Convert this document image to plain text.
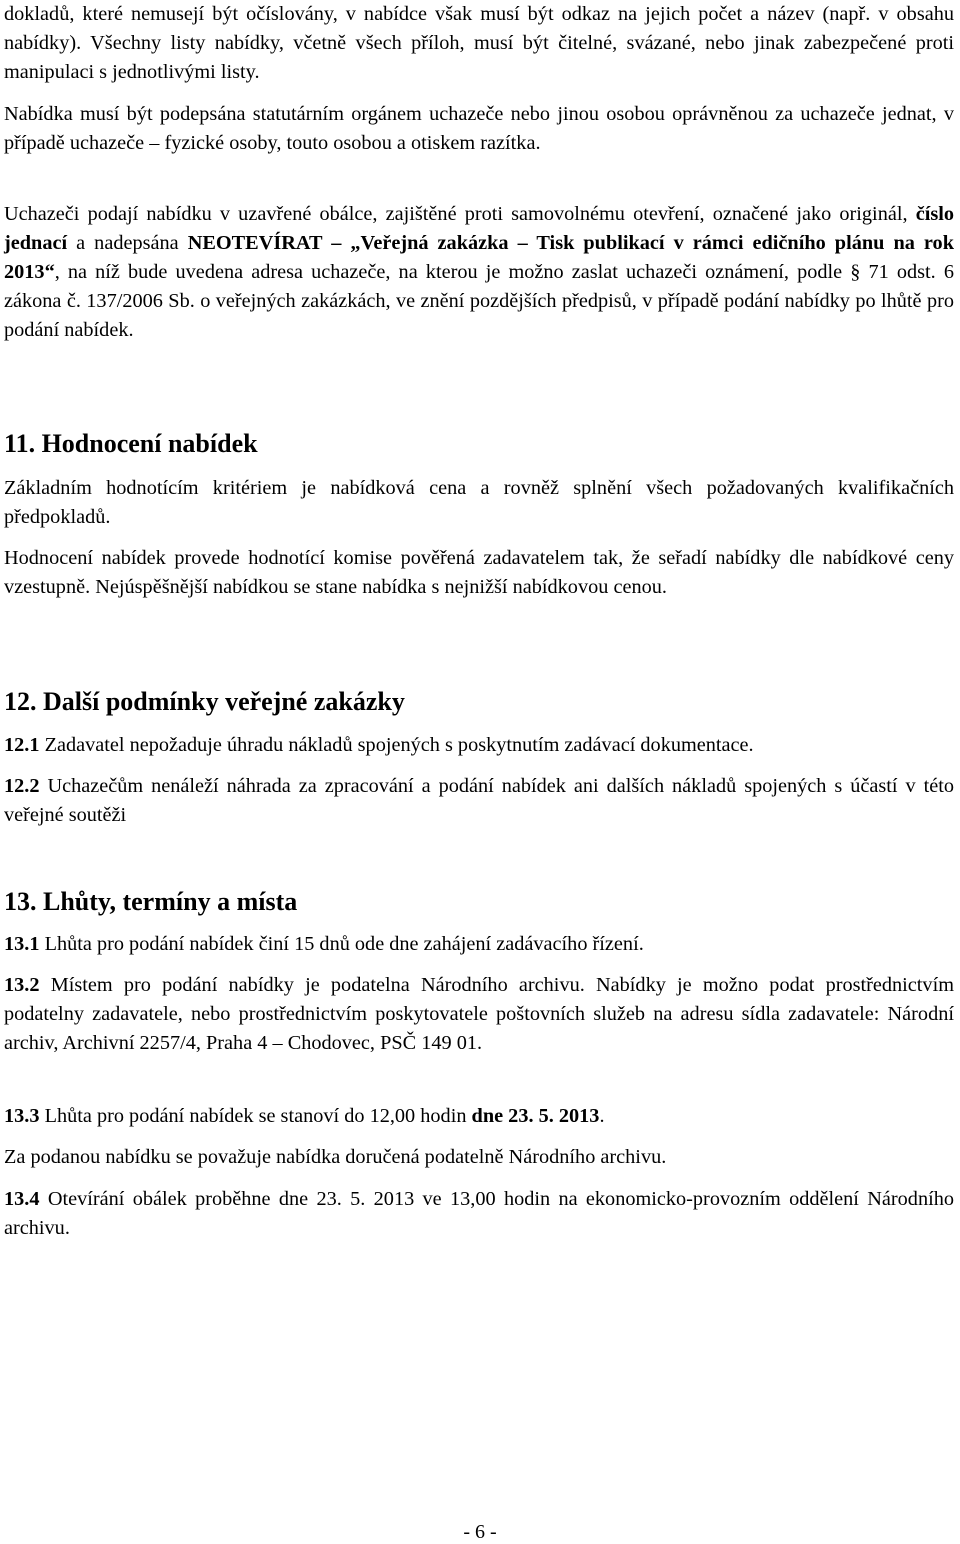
dokladů, které nemusejí být očíslovány, v nabídce však musí být odkaz na jejich počet a název (např. v obsahu nabídky). Všechny listy nabídky, včetně všech příloh, musí být čitelné, svázané, nebo jinak zabezpečené proti manipulaci s jednotlivými listy.

Nabídka musí být podepsána statutárním orgánem uchazeče nebo jinou osobou oprávněnou za uchazeče jednat, v případě uchazeče – fyzické osoby, touto osobou a otiskem razítka.

Uchazeči podají nabídku v uzavřené obálce, zajištěné proti samovolnému otevření, označené jako originál, číslo jednací a nadepsána NEOTEVÍRAT – „Veřejná zakázka – Tisk publikací v rámci edičního plánu na rok 2013“, na níž bude uvedena adresa uchazeče, na kterou je možno zaslat uchazeči oznámení, podle § 71 odst. 6 zákona č. 137/2006 Sb. o veřejných zakázkách, ve znění pozdějších předpisů, v případě podání nabídky po lhůtě pro podání nabídek.

11. Hodnocení nabídek

Základním hodnotícím kritériem je nabídková cena a rovněž splnění všech požadovaných kvalifikačních předpokladů.

Hodnocení nabídek provede hodnotící komise pověřená zadavatelem tak, že seřadí nabídky dle nabídkové ceny vzestupně. Nejúspěšnější nabídkou se stane nabídka s nejnižší nabídkovou cenou.

12. Další podmínky veřejné zakázky

12.1 Zadavatel nepožaduje úhradu nákladů spojených s poskytnutím zadávací dokumentace.

12.2 Uchazečům nenáleží náhrada za zpracování a podání nabídek ani dalších nákladů spojených s účastí v této veřejné soutěži

13. Lhůty, termíny a místa

13.1 Lhůta pro podání nabídek činí 15 dnů ode dne zahájení zadávacího řízení.

13.2 Místem pro podání nabídky je podatelna Národního archivu. Nabídky je možno podat prostřednictvím podatelny zadavatele, nebo prostřednictvím poskytovatele poštovních služeb na adresu sídla zadavatele: Národní archiv, Archivní 2257/4, Praha 4 – Chodovec, PSČ 149 01.

13.3 Lhůta pro podání nabídek se stanoví do 12,00 hodin dne 23. 5. 2013.

Za podanou nabídku se považuje nabídka doručená podatelně Národního archivu.

13.4 Otevírání obálek proběhne dne 23. 5. 2013 ve 13,00 hodin na ekonomicko-provozním oddělení Národního archivu.

- 6 -
